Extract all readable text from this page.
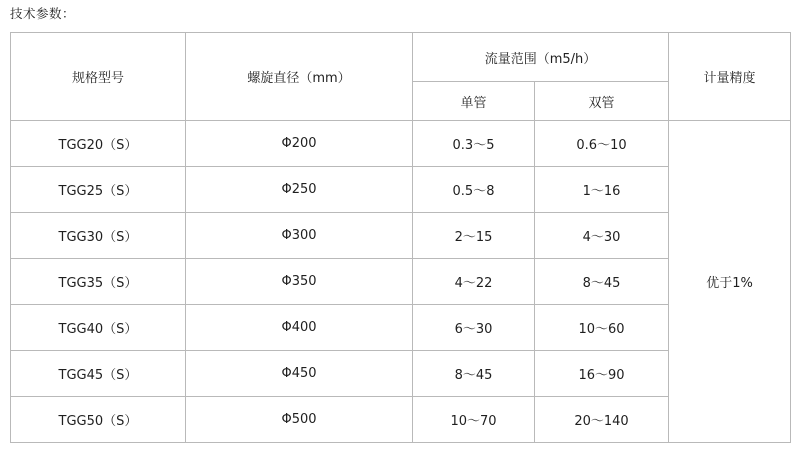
技术参数：
规格型号	螺旋直径（mm）	流量范围（m5/h）		计量精度
		单管	双管	
TGG20（S）	Φ200	0.3～5	0.6～10	优于1%
TGG25（S）	Φ250	0.5～8	1～16	
TGG30（S）	Φ300	2～15	4～30	
TGG35（S）	Φ350	4～22	8～45	
TGG40（S）	Φ400	6～30	10～60	
TGG45（S）	Φ450	8～45	16～90	
TGG50（S）	Φ500	10～70	20～140	
